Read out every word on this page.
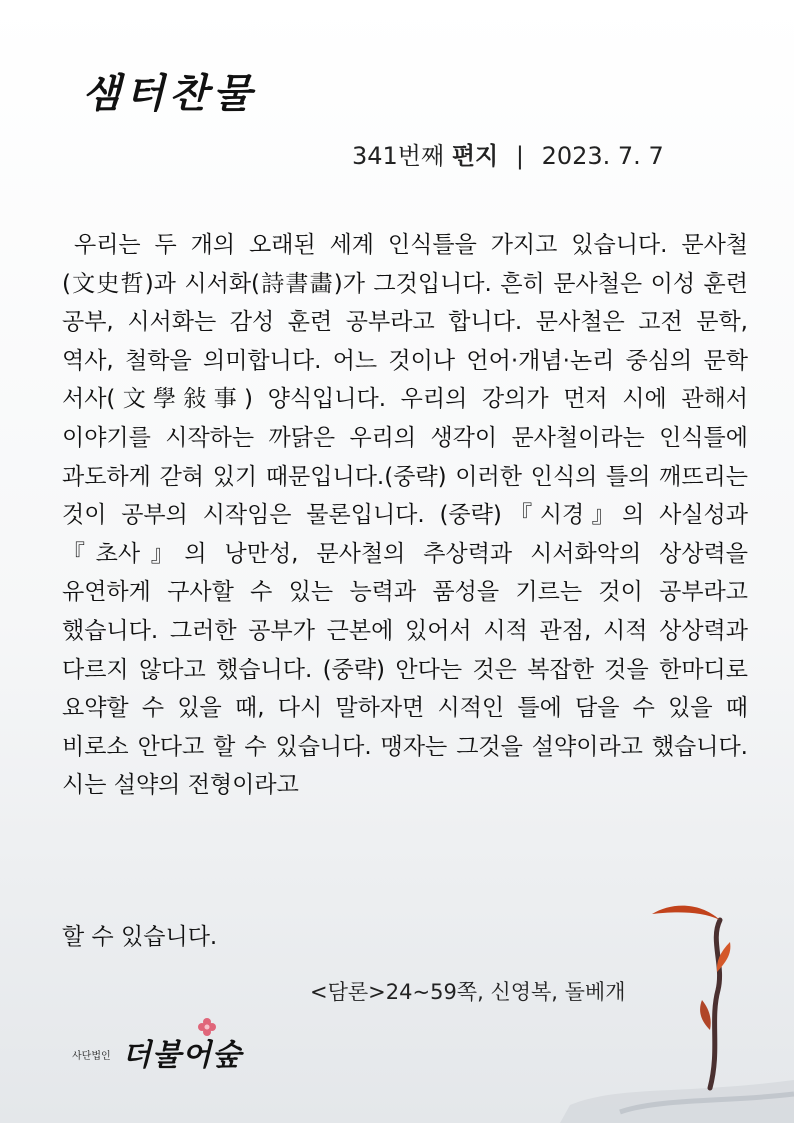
샘터찬물
341번째 편지 | 2023. 7. 7

우리는 두 개의 오래된 세계 인식틀을 가지고 있습니다. 문사철(文史哲)과 시서화(詩書畵)가 그것입니다. 흔히 문사철은 이성 훈련 공부, 시서화는 감성 훈련 공부라고 합니다. 문사철은 고전 문학, 역사, 철학을 의미합니다. 어느 것이나 언어·개념·논리 중심의 문학 서사(文學敍事) 양식입니다. 우리의 강의가 먼저 시에 관해서 이야기를 시작하는 까닭은 우리의 생각이 문사철이라는 인식틀에 과도하게 갇혀 있기 때문입니다.(중략) 이러한 인식의 틀의 깨뜨리는 것이 공부의 시작임은 물론입니다. (중략)『시경』의 사실성과『초사』의 낭만성, 문사철의 추상력과 시서화악의 상상력을 유연하게 구사할 수 있는 능력과 품성을 기르는 것이 공부라고 했습니다. 그러한 공부가 근본에 있어서 시적 관점, 시적 상상력과 다르지 않다고 했습니다. (중략) 안다는 것은 복잡한 것을 한마디로 요약할 수 있을 때, 다시 말하자면 시적인 틀에 담을 수 있을 때 비로소 안다고 할 수 있습니다. 맹자는 그것을 설약이라고 했습니다. 시는 설약의 전형이라고

할 수 있습니다.

<담론>24~59쪽, 신영복, 돌베개
사단법인 더불어숲
